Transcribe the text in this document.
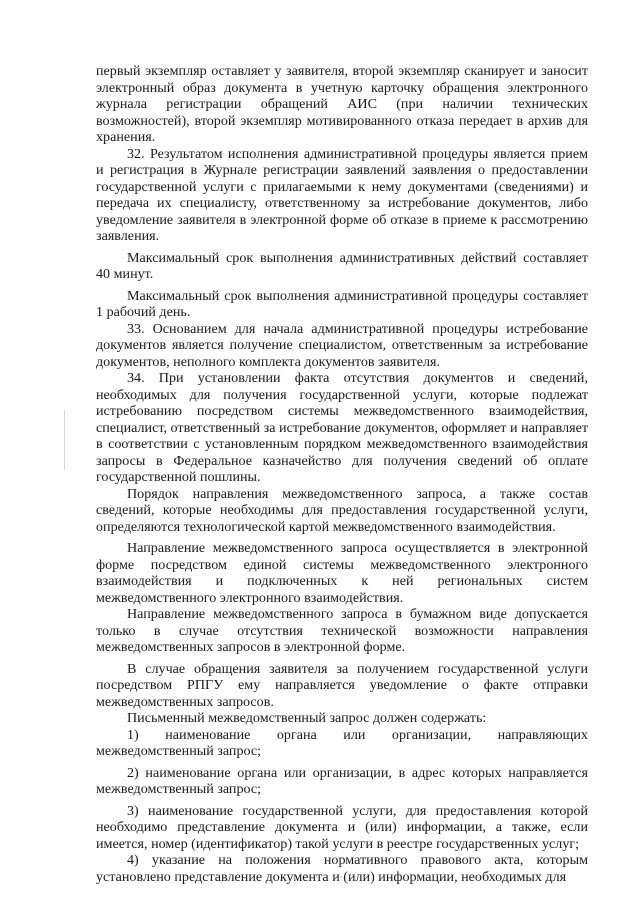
первый экземпляр оставляет у заявителя, второй экземпляр сканирует и заносит электронный образ документа в учетную карточку обращения электронного журнала регистрации обращений АИС (при наличии технических возможностей), второй экземпляр мотивированного отказа передает в архив для хранения.

32. Результатом исполнения административной процедуры является прием и регистрация в Журнале регистрации заявлений заявления о предоставлении государственной услуги с прилагаемыми к нему документами (сведениями) и передача их специалисту, ответственному за истребование документов, либо уведомление заявителя в электронной форме об отказе в приеме к рассмотрению заявления.

Максимальный срок выполнения административных действий составляет 40 минут.

Максимальный срок выполнения административной процедуры составляет 1 рабочий день.

33. Основанием для начала административной процедуры истребование документов является получение специалистом, ответственным за истребование документов, неполного комплекта документов заявителя.

34. При установлении факта отсутствия документов и сведений, необходимых для получения государственной услуги, которые подлежат истребованию посредством системы межведомственного взаимодействия, специалист, ответственный за истребование документов, оформляет и направляет в соответствии с установленным порядком межведомственного взаимодействия запросы в Федеральное казначейство для получения сведений об оплате государственной пошлины.

Порядок направления межведомственного запроса, а также состав сведений, которые необходимы для предоставления государственной услуги, определяются технологической картой межведомственного взаимодействия.

Направление межведомственного запроса осуществляется в электронной форме посредством единой системы межведомственного электронного взаимодействия и подключенных к ней региональных систем межведомственного электронного взаимодействия.

Направление межведомственного запроса в бумажном виде допускается только в случае отсутствия технической возможности направления межведомственных запросов в электронной форме.

В случае обращения заявителя за получением государственной услуги посредством РПГУ ему направляется уведомление о факте отправки межведомственных запросов.

Письменный межведомственный запрос должен содержать:

1) наименование органа или организации, направляющих межведомственный запрос;

2) наименование органа или организации, в адрес которых направляется межведомственный запрос;

3) наименование государственной услуги, для предоставления которой необходимо представление документа и (или) информации, а также, если имеется, номер (идентификатор) такой услуги в реестре государственных услуг;

4) указание на положения нормативного правового акта, которым установлено представление документа и (или) информации, необходимых для
